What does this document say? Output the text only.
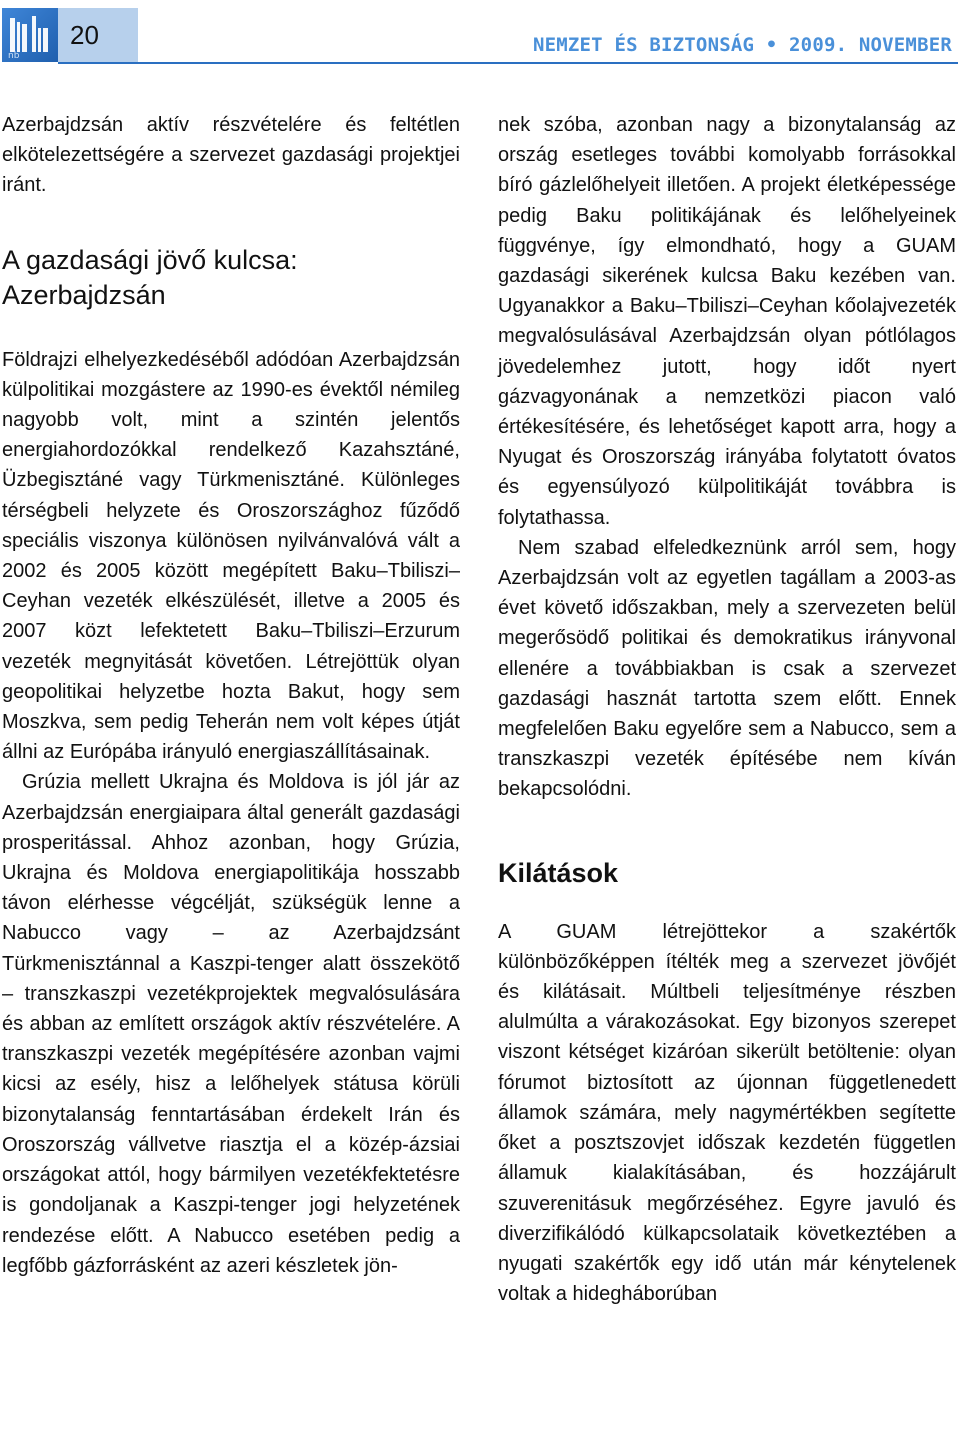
nb
20	NEMZET ÉS BIZTONSÁG • 2009. NOVEMBER

Azerbajdzsán aktív részvételére és feltétlen elkötelezettségére a szervezet gazdasági projektjei iránt.

A gazdasági jövő kulcsa: Azerbajdzsán

Földrajzi elhelyezkedéséből adódóan Azerbajdzsán külpolitikai mozgástere az 1990-es évektől némileg nagyobb volt, mint a szintén jelentős energiahordozókkal rendelkező Kazahsztáné, Üzbegisztáné vagy Türkmenisztáné. Különleges térségbeli helyzete és Oroszországhoz fűződő speciális viszonya különösen nyilvánvalóvá vált a 2002 és 2005 között megépített Baku–Tbiliszi–Ceyhan vezeték elkészülését, illetve a 2005 és 2007 közt lefektetett Baku–Tbiliszi–Erzurum vezeték megnyitását követően. Létrejöttük olyan geopolitikai helyzetbe hozta Bakut, hogy sem Moszkva, sem pedig Teherán nem volt képes útját állni az Európába irányuló energiaszállításainak.

Grúzia mellett Ukrajna és Moldova is jól jár az Azerbajdzsán energiaipara által generált gazdasági prosperitással. Ahhoz azonban, hogy Grúzia, Ukrajna és Moldova energiapolitikája hosszabb távon elérhesse végcélját, szükségük lenne a Nabucco vagy – az Azerbajdzsánt Türkmenisztánnal a Kaszpi-tenger alatt összekötő – transzkaszpi vezetékprojektek megvalósulására és abban az említett országok aktív részvételére. A transzkaszpi vezeték megépítésére azonban vajmi kicsi az esély, hisz a lelőhelyek státusa körüli bizonytalanság fenntartásában érdekelt Irán és Oroszország vállvetve riasztja el a közép-ázsiai országokat attól, hogy bármilyen vezetékfektetésre is gondoljanak a Kaszpi-tenger jogi helyzetének rendezése előtt. A Nabucco esetében pedig a legfőbb gázforrásként az azeri készletek jön-

nek szóba, azonban nagy a bizonytalanság az ország esetleges további komolyabb forrásokkal bíró gázlelőhelyeit illetően. A projekt életképessége pedig Baku politikájának és lelőhelyeinek függvénye, így elmondható, hogy a GUAM gazdasági sikerének kulcsa Baku kezében van. Ugyanakkor a Baku–Tbiliszi–Ceyhan kőolajvezeték megvalósulásával Azerbajdzsán olyan pótlólagos jövedelemhez jutott, hogy időt nyert gázvagyonának a nemzetközi piacon való értékesítésére, és lehetőséget kapott arra, hogy a Nyugat és Oroszország irányába folytatott óvatos és egyensúlyozó külpolitikáját továbbra is folytathassa.

Nem szabad elfeledkeznünk arról sem, hogy Azerbajdzsán volt az egyetlen tagállam a 2003-as évet követő időszakban, mely a szervezeten belül megerősödő politikai és demokratikus irányvonal ellenére a továbbiakban is csak a szervezet gazdasági hasznát tartotta szem előtt. Ennek megfelelően Baku egyelőre sem a Nabucco, sem a transzkaszpi vezeték építésébe nem kíván bekapcsolódni.

Kilátások

A GUAM létrejöttekor a szakértők különbözőképpen ítélték meg a szervezet jövőjét és kilátásait. Múltbeli teljesítménye részben alulmúlta a várakozásokat. Egy bizonyos szerepet viszont kétséget kizáróan sikerült betöltenie: olyan fórumot biztosított az újonnan függetlenedett államok számára, mely nagymértékben segítette őket a posztszovjet időszak kezdetén független államuk kialakításában, és hozzájárult szuverenitásuk megőrzéséhez. Egyre javuló és diverzifikálódó külkapcsolataik következtében a nyugati szakértők egy idő után már kénytelenek voltak a hidegháborúban
